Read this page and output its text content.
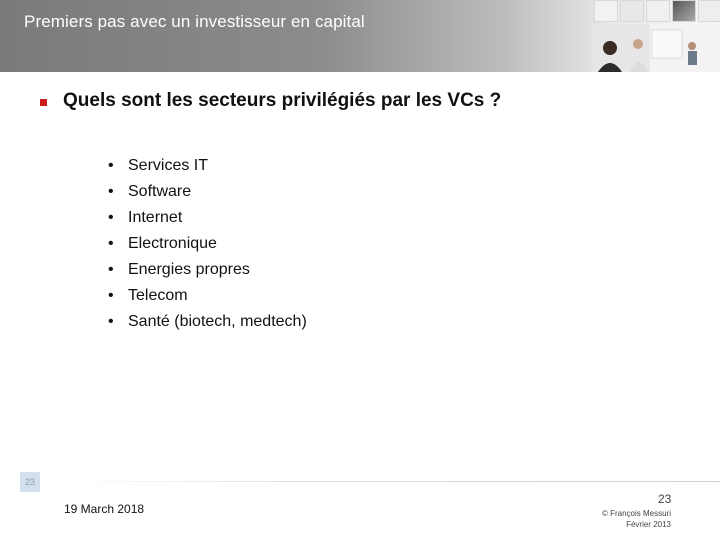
Premiers pas avec un investisseur en capital
Quels sont les secteurs privilégiés par les VCs ?
• Services IT
• Software
• Internet
• Electronique
• Energies propres
• Telecom
• Santé (biotech, medtech)
23
19 March 2018
23
© François Messuri
Février 2013
